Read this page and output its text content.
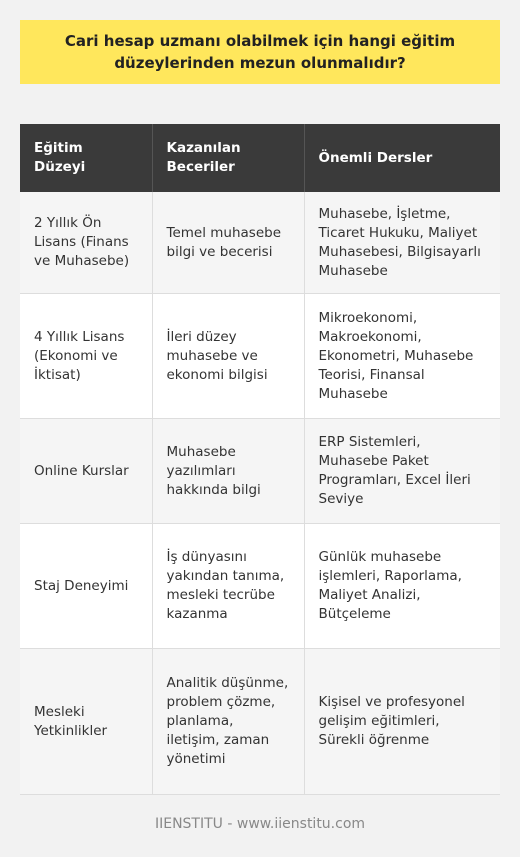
Cari hesap uzmanı olabilmek için hangi eğitim düzeylerinden mezun olunmalıdır?
Eğitim Düzeyi	Kazanılan Beceriler	Önemli Dersler
2 Yıllık Ön Lisans (Finans ve Muhasebe)	Temel muhasebe bilgi ve becerisi	Muhasebe, İşletme, Ticaret Hukuku, Maliyet Muhasebesi, Bilgisayarlı Muhasebe
4 Yıllık Lisans (Ekonomi ve İktisat)	İleri düzey muhasebe ve ekonomi bilgisi	Mikroekonomi, Makroekonomi, Ekonometri, Muhasebe Teorisi, Finansal Muhasebe
Online Kurslar	Muhasebe yazılımları hakkında bilgi	ERP Sistemleri, Muhasebe Paket Programları, Excel İleri Seviye
Staj Deneyimi	İş dünyasını yakından tanıma, mesleki tecrübe kazanma	Günlük muhasebe işlemleri, Raporlama, Maliyet Analizi, Bütçeleme
Mesleki Yetkinlikler	Analitik düşünme, problem çözme, planlama, iletişim, zaman yönetimi	Kişisel ve profesyonel gelişim eğitimleri, Sürekli öğrenme
IIENSTITU - www.iienstitu.com
